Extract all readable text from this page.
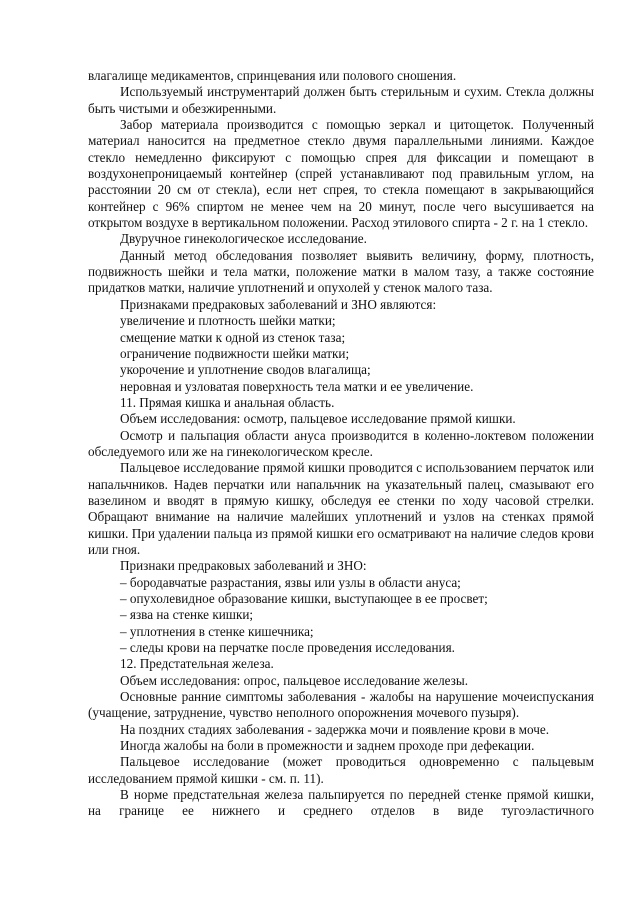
влагалище медикаментов, спринцевания или полового сношения.

Используемый инструментарий должен быть стерильным и сухим. Стекла должны быть чистыми и обезжиренными.

Забор материала производится с помощью зеркал и цитощеток. Полученный материал наносится на предметное стекло двумя параллельными линиями. Каждое стекло немедленно фиксируют с помощью спрея для фиксации и помещают в воздухонепроницаемый контейнер (спрей устанавливают под правильным углом, на расстоянии 20 см от стекла), если нет спрея, то стекла помещают в закрывающийся контейнер с 96% спиртом не менее чем на 20 минут, после чего высушивается на открытом воздухе в вертикальном положении. Расход этилового спирта - 2 г. на 1 стекло.

Двуручное гинекологическое исследование.

Данный метод обследования позволяет выявить величину, форму, плотность, подвижность шейки и тела матки, положение матки в малом тазу, а также состояние придатков матки, наличие уплотнений и опухолей у стенок малого таза.

Признаками предраковых заболеваний и ЗНО являются:

увеличение и плотность шейки матки;

смещение матки к одной из стенок таза;

ограничение подвижности шейки матки;

укорочение и уплотнение сводов влагалища;

неровная и узловатая поверхность тела матки и ее увеличение.

11. Прямая кишка и анальная область.

Объем исследования: осмотр, пальцевое исследование прямой кишки.

Осмотр и пальпация области ануса производится в коленно-локтевом положении обследуемого или же на гинекологическом кресле.

Пальцевое исследование прямой кишки проводится с использованием перчаток или напальчников. Надев перчатки или напальчник на указательный палец, смазывают его вазелином и вводят в прямую кишку, обследуя ее стенки по ходу часовой стрелки. Обращают внимание на наличие малейших уплотнений и узлов на стенках прямой кишки. При удалении пальца из прямой кишки его осматривают на наличие следов крови или гноя.

Признаки предраковых заболеваний и ЗНО:

– бородавчатые разрастания, язвы или узлы в области ануса;

– опухолевидное образование кишки, выступающее в ее просвет;

– язва на стенке кишки;

– уплотнения в стенке кишечника;

– следы крови на перчатке после проведения исследования.

12. Предстательная железа.

Объем исследования: опрос, пальцевое исследование железы.

Основные ранние симптомы заболевания - жалобы на нарушение мочеиспускания (учащение, затруднение, чувство неполного опорожнения мочевого пузыря).

На поздних стадиях заболевания - задержка мочи и появление крови в моче.

Иногда жалобы на боли в промежности и заднем проходе при дефекации.

Пальцевое исследование (может проводиться одновременно с пальцевым исследованием прямой кишки - см. п. 11).

В норме предстательная железа пальпируется по передней стенке прямой кишки, на границе ее нижнего и среднего отделов в виде тугоэластичного
